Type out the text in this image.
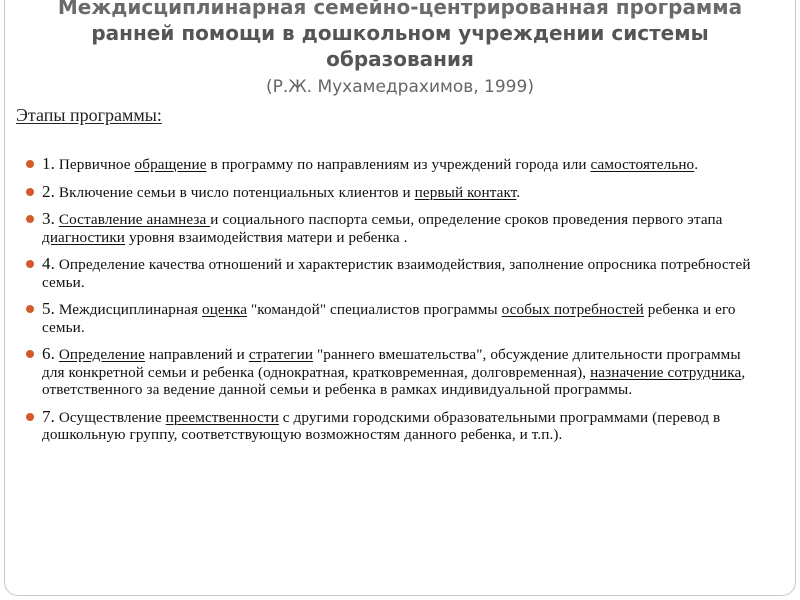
Междисциплинарная семейно-центрированная программа
ранней помощи в дошкольном учреждении системы
образования
(Р.Ж. Мухамедрахимов, 1999)
Этапы программы:
1. Первичное обращение в программу по направлениям из учреждений города или самостоятельно.
2. Включение семьи в число потенциальных клиентов и первый контакт.
3. Составление анамнеза и социального паспорта семьи, определение сроков проведения первого этапа диагностики уровня взаимодействия матери и ребенка .
4. Определение качества отношений и характеристик взаимодействия, заполнение опросника потребностей семьи.
5. Междисциплинарная оценка "командой" специалистов программы особых потребностей ребенка и его семьи.
6. Определение направлений и стратегии "раннего вмешательства", обсуждение длительности программы для конкретной семьи и ребенка (однократная, кратковременная, долговременная), назначение сотрудника, ответственного за ведение данной семьи и ребенка в рамках индивидуальной программы.
7. Осуществление преемственности с другими городскими образовательными программами (перевод в дошкольную группу, соответствующую возможностям данного ребенка, и т.п.).
